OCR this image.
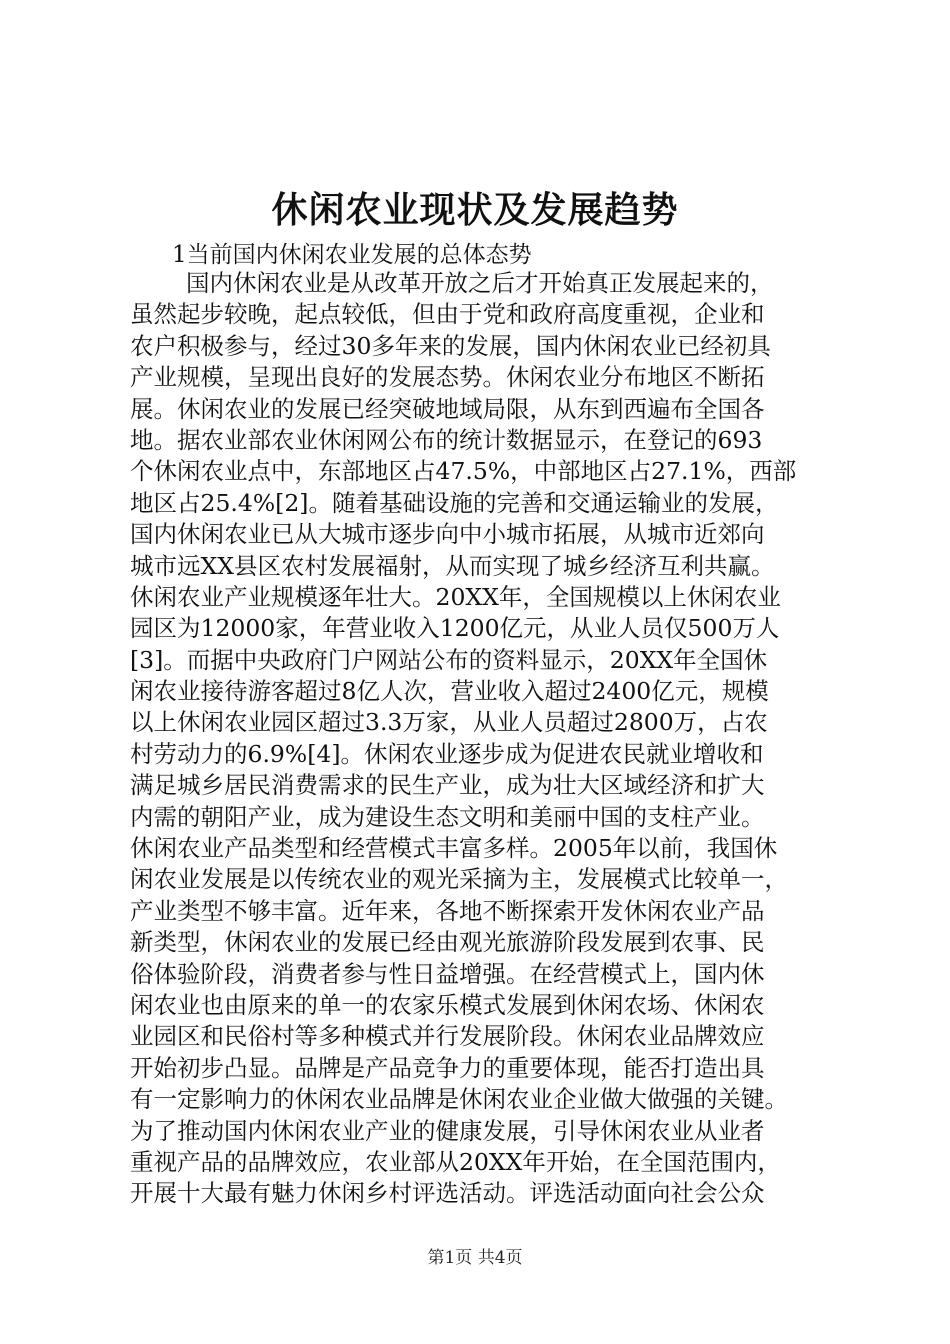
休闲农业现状及发展趋势
1当前国内休闲农业发展的总体态势
国内休闲农业是从改革开放之后才开始真正发展起来的，
虽然起步较晚，起点较低，但由于党和政府高度重视，企业和
农户积极参与，经过30多年来的发展，国内休闲农业已经初具
产业规模，呈现出良好的发展态势。休闲农业分布地区不断拓
展。休闲农业的发展已经突破地域局限，从东到西遍布全国各
地。据农业部农业休闲网公布的统计数据显示，在登记的693
个休闲农业点中，东部地区占47.5%，中部地区占27.1%，西部
地区占25.4%[2]。随着基础设施的完善和交通运输业的发展，
国内休闲农业已从大城市逐步向中小城市拓展，从城市近郊向
城市远XX县区农村发展福射，从而实现了城乡经济互利共赢。
休闲农业产业规模逐年壮大。20XX年，全国规模以上休闲农业
园区为12000家，年营业收入1200亿元，从业人员仅500万人
[3]。而据中央政府门户网站公布的资料显示，20XX年全国休
闲农业接待游客超过8亿人次，营业收入超过2400亿元，规模
以上休闲农业园区超过3.3万家，从业人员超过2800万，占农
村劳动力的6.9%[4]。休闲农业逐步成为促进农民就业增收和
满足城乡居民消费需求的民生产业，成为壮大区域经济和扩大
内需的朝阳产业，成为建设生态文明和美丽中国的支柱产业。
休闲农业产品类型和经营模式丰富多样。2005年以前，我国休
闲农业发展是以传统农业的观光采摘为主，发展模式比较单一，
产业类型不够丰富。近年来，各地不断探索开发休闲农业产品
新类型，休闲农业的发展已经由观光旅游阶段发展到农事、民
俗体验阶段，消费者参与性日益增强。在经营模式上，国内休
闲农业也由原来的单一的农家乐模式发展到休闲农场、休闲农
业园区和民俗村等多种模式并行发展阶段。休闲农业品牌效应
开始初步凸显。品牌是产品竞争力的重要体现，能否打造出具
有一定影响力的休闲农业品牌是休闲农业企业做大做强的关键。
为了推动国内休闲农业产业的健康发展，引导休闲农业从业者
重视产品的品牌效应，农业部从20XX年开始，在全国范围内，
开展十大最有魅力休闲乡村评选活动。评选活动面向社会公众
第1页 共4页
